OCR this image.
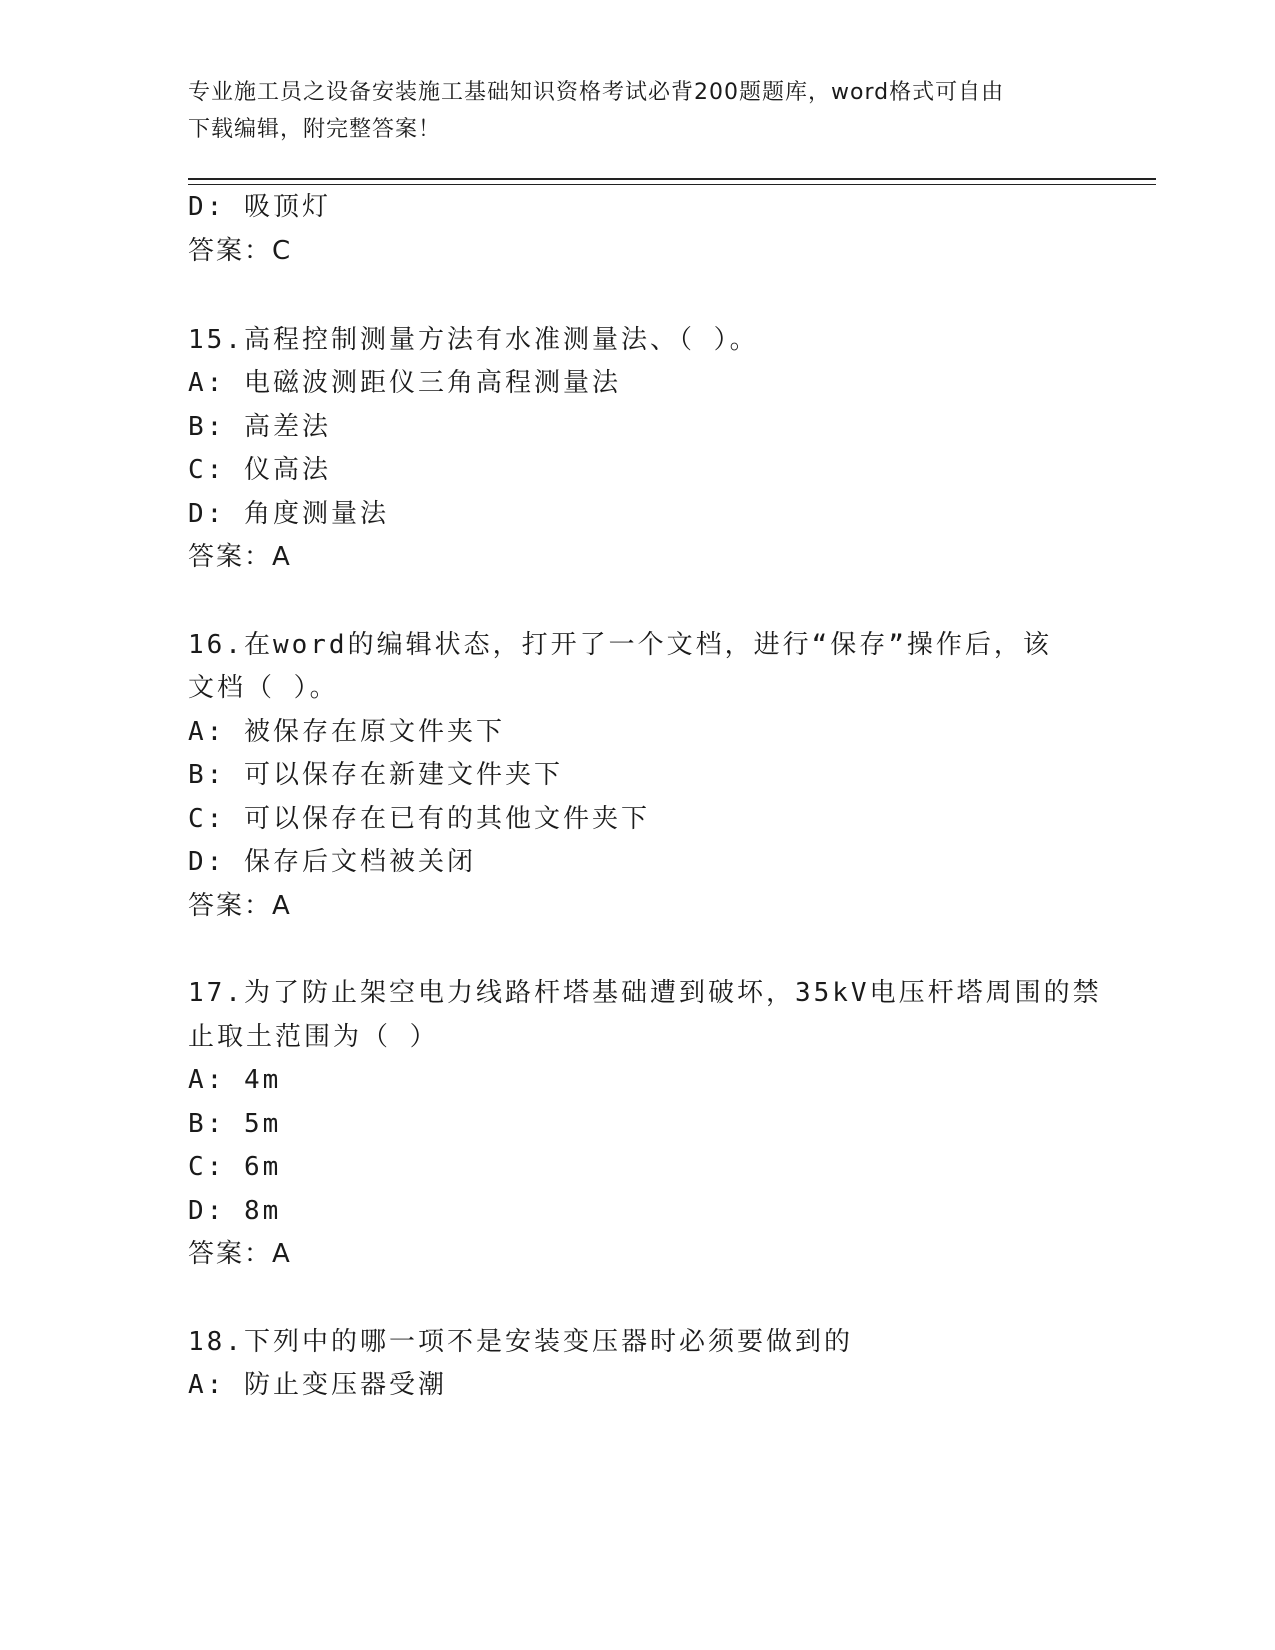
专业施工员之设备安装施工基础知识资格考试必背200题题库，word格式可自由
下载编辑，附完整答案！
D: 吸顶灯
答案：C
15.高程控制测量方法有水准测量法、（ ）。
A: 电磁波测距仪三角高程测量法
B: 高差法
C: 仪高法
D: 角度测量法
答案：A
16.在word的编辑状态，打开了一个文档，进行“保存”操作后，该
文档（ ）。
A: 被保存在原文件夹下
B: 可以保存在新建文件夹下
C: 可以保存在已有的其他文件夹下
D: 保存后文档被关闭
答案：A
17.为了防止架空电力线路杆塔基础遭到破坏，35kV电压杆塔周围的禁
止取土范围为（ ）
A: 4m
B: 5m
C: 6m
D: 8m
答案：A
18.下列中的哪一项不是安装变压器时必须要做到的
A: 防止变压器受潮
